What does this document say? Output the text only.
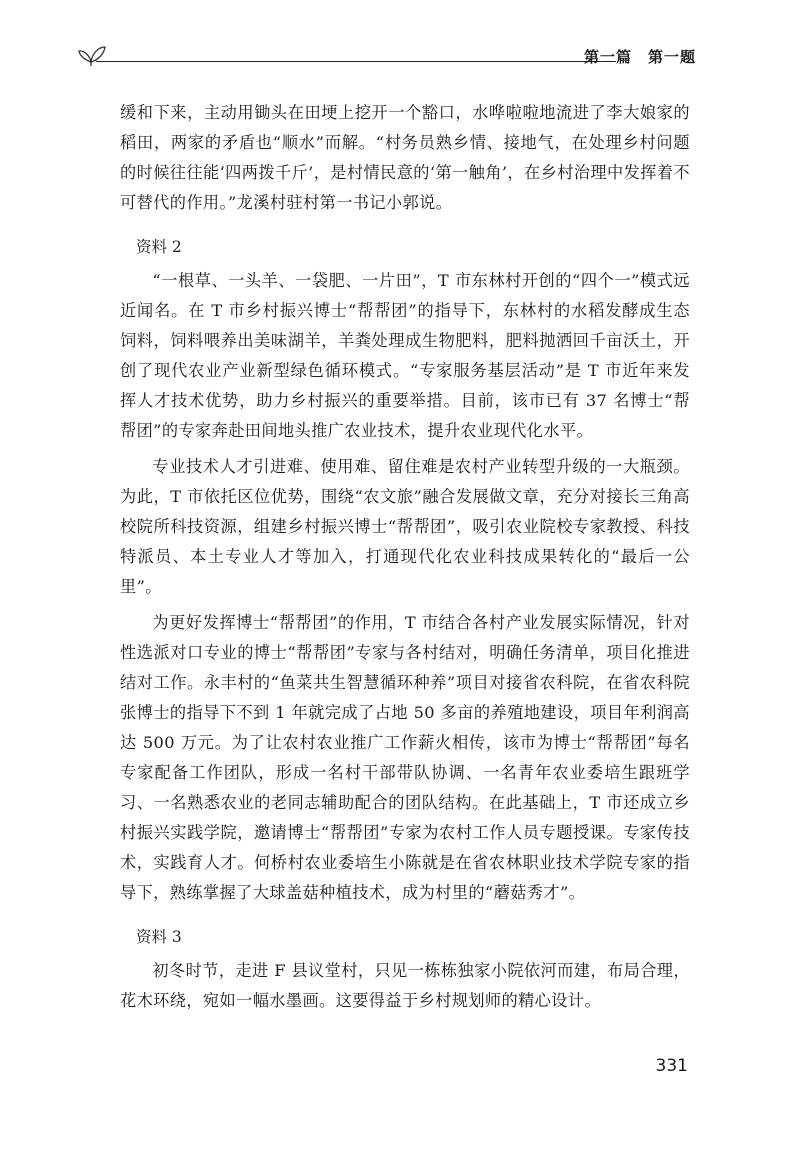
第一篇　第一题

缓和下来，主动用锄头在田埂上挖开一个豁口，水哗啦啦地流进了李大娘家的稻田，两家的矛盾也“顺水”而解。“村务员熟乡情、接地气，在处理乡村问题的时候往往能‘四两拨千斤’，是村情民意的‘第一触角’，在乡村治理中发挥着不可替代的作用。”龙溪村驻村第一书记小郭说。

资料 2

“一根草、一头羊、一袋肥、一片田”，T 市东林村开创的“四个一”模式远近闻名。在 T 市乡村振兴博士“帮帮团”的指导下，东林村的水稻发酵成生态饲料，饲料喂养出美味湖羊，羊粪处理成生物肥料，肥料抛洒回千亩沃土，开创了现代农业产业新型绿色循环模式。“专家服务基层活动”是 T 市近年来发挥人才技术优势，助力乡村振兴的重要举措。目前，该市已有 37 名博士“帮帮团”的专家奔赴田间地头推广农业技术，提升农业现代化水平。

专业技术人才引进难、使用难、留住难是农村产业转型升级的一大瓶颈。为此，T 市依托区位优势，围绕“农文旅”融合发展做文章，充分对接长三角高校院所科技资源，组建乡村振兴博士“帮帮团”，吸引农业院校专家教授、科技特派员、本土专业人才等加入，打通现代化农业科技成果转化的“最后一公里”。

为更好发挥博士“帮帮团”的作用，T 市结合各村产业发展实际情况，针对性选派对口专业的博士“帮帮团”专家与各村结对，明确任务清单，项目化推进结对工作。永丰村的“鱼菜共生智慧循环种养”项目对接省农科院，在省农科院张博士的指导下不到 1 年就完成了占地 50 多亩的养殖地建设，项目年利润高达 500 万元。为了让农村农业推广工作薪火相传，该市为博士“帮帮团”每名专家配备工作团队，形成一名村干部带队协调、一名青年农业委培生跟班学习、一名熟悉农业的老同志辅助配合的团队结构。在此基础上，T 市还成立乡村振兴实践学院，邀请博士“帮帮团”专家为农村工作人员专题授课。专家传技术，实践育人才。何桥村农业委培生小陈就是在省农林职业技术学院专家的指导下，熟练掌握了大球盖菇种植技术，成为村里的“蘑菇秀才”。

资料 3

初冬时节，走进 F 县议堂村，只见一栋栋独家小院依河而建，布局合理，花木环绕，宛如一幅水墨画。这要得益于乡村规划师的精心设计。

331
